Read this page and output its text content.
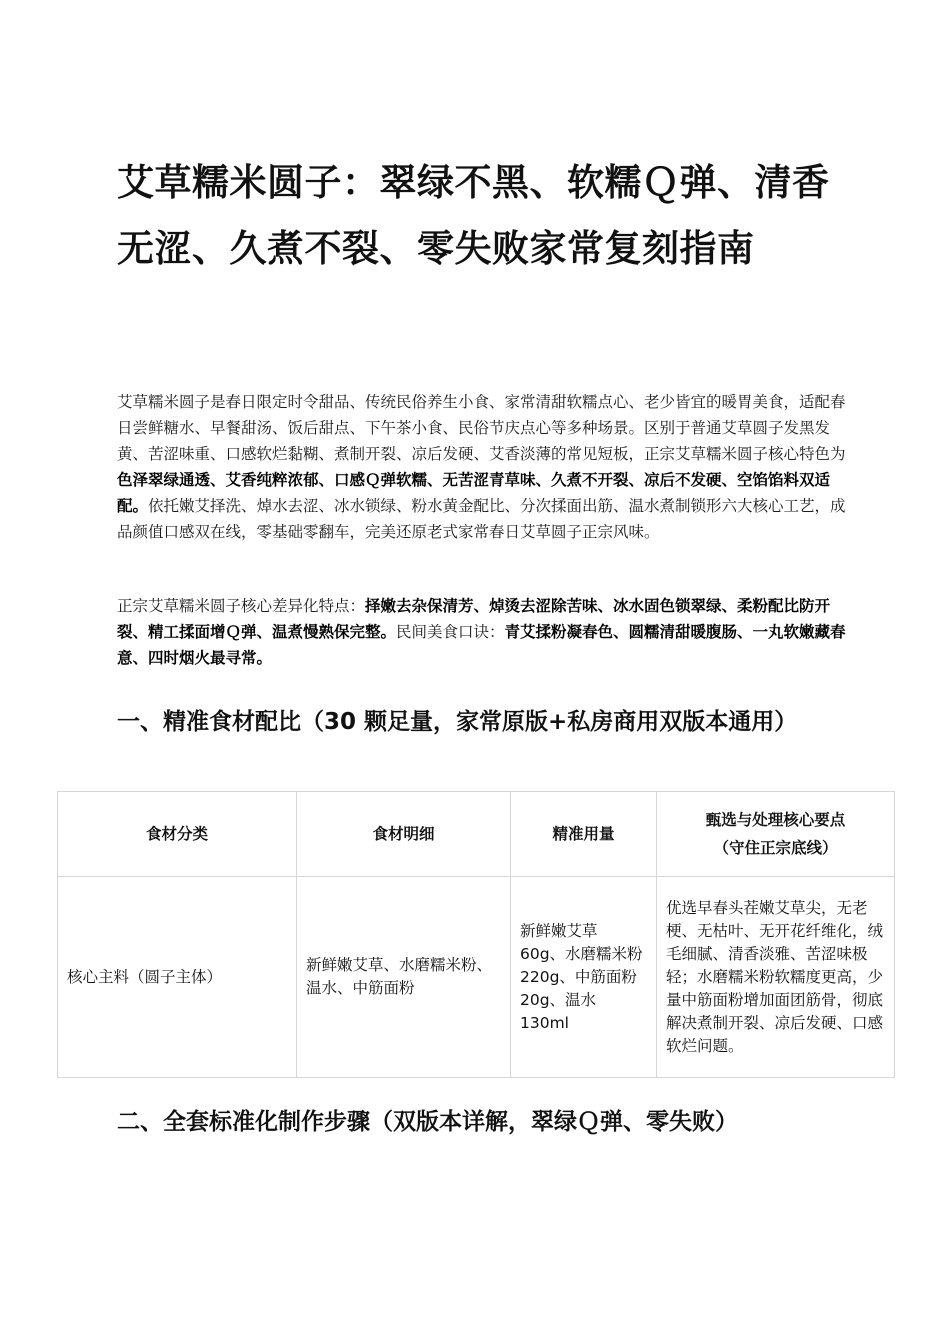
艾草糯米圆子：翠绿不黑、软糯Ｑ弹、清香无涩、久煮不裂、零失败家常复刻指南

艾草糯米圆子是春日限定时令甜品、传统民俗养生小食、家常清甜软糯点心、老少皆宜的暖胃美食，适配春日尝鲜糖水、早餐甜汤、饭后甜点、下午茶小食、民俗节庆点心等多种场景。区别于普通艾草圆子发黑发黄、苦涩味重、口感软烂黏糊、煮制开裂、凉后发硬、艾香淡薄的常见短板，正宗艾草糯米圆子核心特色为色泽翠绿通透、艾香纯粹浓郁、口感Ｑ弹软糯、无苦涩青草味、久煮不开裂、凉后不发硬、空馅馅料双适配。依托嫩艾择洗、焯水去涩、冰水锁绿、粉水黄金配比、分次揉面出筋、温水煮制锁形六大核心工艺，成品颜值口感双在线，零基础零翻车，完美还原老式家常春日艾草圆子正宗风味。

正宗艾草糯米圆子核心差异化特点：择嫩去杂保清芳、焯烫去涩除苦味、冰水固色锁翠绿、柔粉配比防开裂、精工揉面增Ｑ弹、温煮慢熟保完整。民间美食口诀：青艾揉粉凝春色、圆糯清甜暖腹肠、一丸软嫩藏春意、四时烟火最寻常。

一、精准食材配比（30 颗足量，家常原版+私房商用双版本通用）
食材分类	食材明细	精准用量	甄选与处理核心要点
（守住正宗底线）

核心主料（圆子主体）	新鲜嫩艾草、水磨糯米粉、温水、中筋面粉	新鲜嫩艾草 60g、水磨糯米粉 220g、中筋面粉 20g、温水 130ml	优选早春头茬嫩艾草尖，无老梗、无枯叶、无开花纤维化，绒毛细腻、清香淡雅、苦涩味极轻；水磨糯米粉软糯度更高，少量中筋面粉增加面团筋骨，彻底解决煮制开裂、凉后发硬、口感软烂问题。
二、全套标准化制作步骤（双版本详解，翠绿Ｑ弹、零失败）
